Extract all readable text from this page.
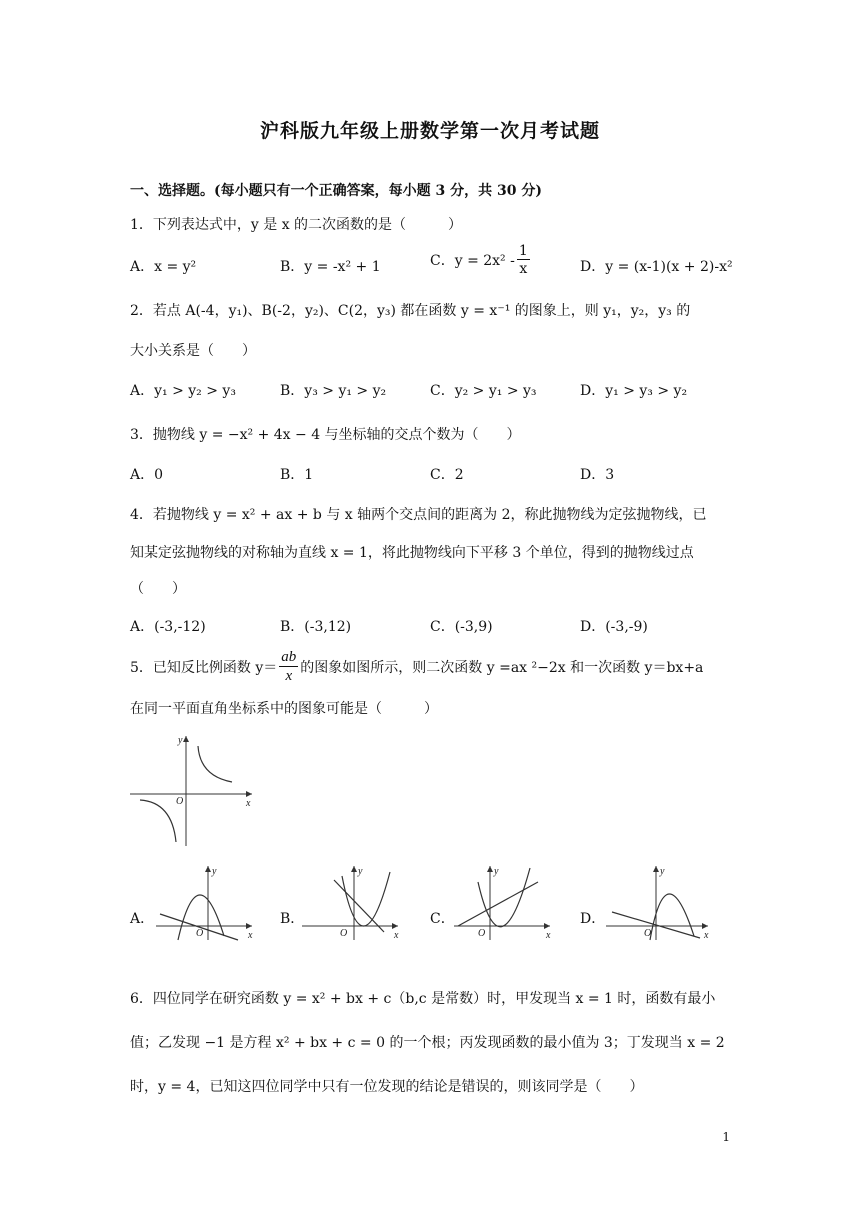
沪科版九年级上册数学第一次月考试题
一、选择题。(每小题只有一个正确答案，每小题 3 分，共 30 分)
1．下列表达式中，y 是 x 的二次函数的是（　　　）
A．x = y²	B．y = -x² + 1	C．$y = 2x^2 - \frac{1}{x}$	D．y = (x-1)(x + 2)-x²
2．若点 A(-4，y₁)、B(-2，y₂)、C(2，y₃) 都在函数 y = x⁻¹ 的图象上，则 y₁，y₂，y₃ 的
大小关系是（　　）
A．y₁ > y₂ > y₃	B．y₃ > y₁ > y₂	C．y₂ > y₁ > y₃	D．y₁ > y₃ > y₂
3．抛物线 y = −x² + 4x − 4 与坐标轴的交点个数为（　　）
A．0	B．1	C．2	D．3
4．若抛物线 y = x² + ax + b 与 x 轴两个交点间的距离为 2，称此抛物线为定弦抛物线，已
知某定弦抛物线的对称轴为直线 x = 1，将此抛物线向下平移 3 个单位，得到的抛物线过点
（　　）
A．(-3,-12)	B．(-3,12)	C．(-3,9)	D．(-3,-9)
5．已知反比例函数 $y= \frac{ab}{x}$ 的图象如图所示，则二次函数 y =ax ²−2x 和一次函数 y＝bx+a
在同一平面直角坐标系中的图象可能是（　　　）
y
x
O
A．
y
x
O
B．
y
x
O
C．
y
x
O
D．
y
x
O
6．四位同学在研究函数 y = x² + bx + c（b,c 是常数）时，甲发现当 x = 1 时，函数有最小
值；乙发现 −1 是方程 x² + bx + c = 0 的一个根；丙发现函数的最小值为 3；丁发现当 x = 2
时，y = 4，已知这四位同学中只有一位发现的结论是错误的，则该同学是（　　）
1
